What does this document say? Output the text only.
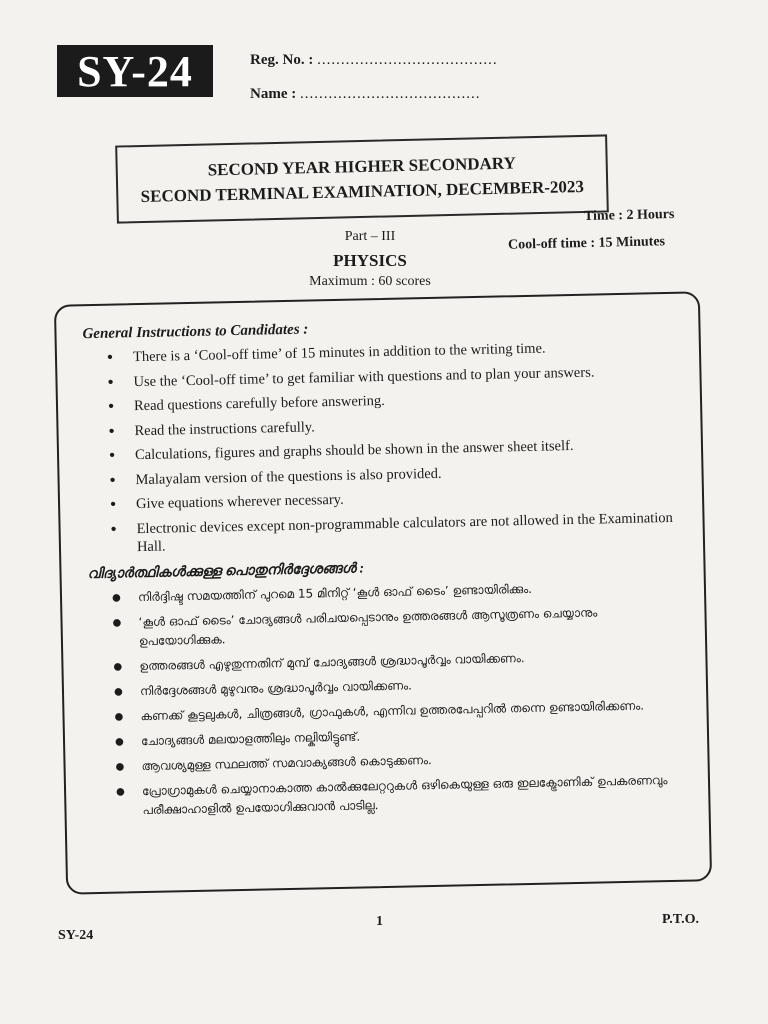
SY-24	Reg. No. : ......................................
Name : ......................................
SECOND YEAR HIGHER SECONDARY
SECOND TERMINAL EXAMINATION, DECEMBER-2023
Time : 2 Hours
Cool-off time : 15 Minutes
Part – III
PHYSICS
Maximum : 60 scores
General Instructions to Candidates :
● There is a ‘Cool-off time’ of 15 minutes in addition to the writing time.
● Use the ‘Cool-off time’ to get familiar with questions and to plan your answers.
● Read questions carefully before answering.
● Read the instructions carefully.
● Calculations, figures and graphs should be shown in the answer sheet itself.
● Malayalam version of the questions is also provided.
● Give equations wherever necessary.
● Electronic devices except non-programmable calculators are not allowed in the Examination Hall.
വിദ്യാർത്ഥികൾക്കുള്ള പൊതുനിർദ്ദേശങ്ങൾ :
● നിർദ്ദിഷ്ട സമയത്തിന് പുറമെ 15 മിനിറ്റ് ‘കൂൾ ഓഫ് ടൈം’ ഉണ്ടായിരിക്കും.
● ‘കൂൾ ഓഫ് ടൈം’ ചോദ്യങ്ങൾ പരിചയപ്പെടാനും ഉത്തരങ്ങൾ ആസൂത്രണം ചെയ്യാനും ഉപയോഗിക്കുക.
● ഉത്തരങ്ങൾ എഴുതുന്നതിന് മുമ്പ് ചോദ്യങ്ങൾ ശ്രദ്ധാപൂർവ്വം വായിക്കണം.
● നിർദ്ദേശങ്ങൾ മുഴുവനും ശ്രദ്ധാപൂർവ്വം വായിക്കണം.
● കണക്ക് കൂട്ടലുകൾ, ചിത്രങ്ങൾ, ഗ്രാഫുകൾ, എന്നിവ ഉത്തരപേപ്പറിൽ തന്നെ ഉണ്ടായിരിക്കണം.
● ചോദ്യങ്ങൾ മലയാളത്തിലും നല്കിയിട്ടുണ്ട്.
● ആവശ്യമുള്ള സ്ഥലത്ത് സമവാക്യങ്ങൾ കൊടുക്കണം.
● പ്രോഗ്രാമുകൾ ചെയ്യാനാകാത്ത കാൽക്കുലേറ്ററുകൾ ഒഴികെയുള്ള ഒരു ഇലക്ട്രോണിക് ഉപകരണവും പരീക്ഷാഹാളിൽ ഉപയോഗിക്കുവാൻ പാടില്ല.
SY-24
1	P.T.O.
